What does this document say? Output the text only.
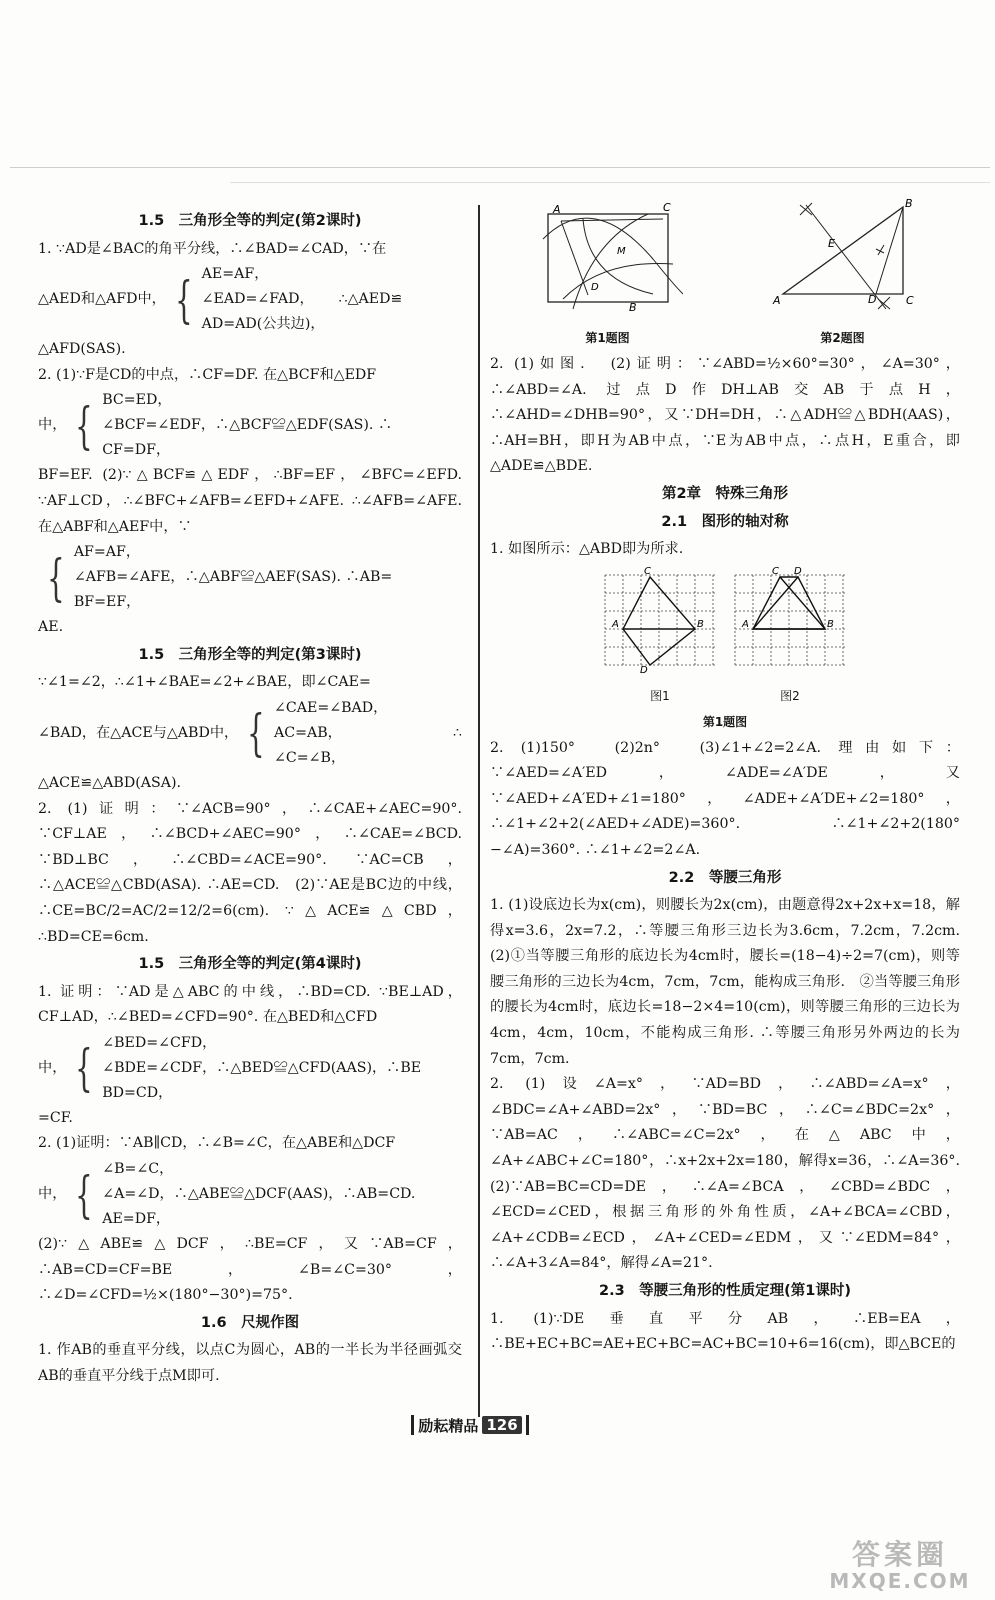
1.5　三角形全等的判定(第2课时)

1. ∵AD是∠BAC的角平分线，∴∠BAD=∠CAD，∵在

△AED和△AFD中， { AE=AF，
∠EAD=∠FAD，
AD=AD(公共边)，
∴△AED≌

△AFD(SAS).

2. (1)∵F是CD的中点，∴CF=DF. 在△BCF和△EDF

中， { BC=ED，
∠BCF=∠EDF，∴△BCF≌△EDF(SAS). ∴
CF=DF，

BF=EF. (2)∵△BCF≌△EDF，∴BF=EF，∠BFC=∠EFD. ∵AF⊥CD，∴∠BFC+∠AFB=∠EFD+∠AFE. ∴∠AFB=∠AFE. 在△ABF和△AEF中，∵

{ AF=AF，
∠AFB=∠AFE，∴△ABF≌△AEF(SAS). ∴AB=
BF=EF，

AE.

1.5　三角形全等的判定(第3课时)

∵∠1=∠2，∴∠1+∠BAE=∠2+∠BAE，即∠CAE=

∠BAD，在△ACE与△ABD中， { ∠CAE=∠BAD，
AC=AB，
∠C=∠B，
∴

△ACE≌△ABD(ASA).

2. (1)证明：∵∠ACB=90°，∴∠CAE+∠AEC=90°. ∵CF⊥AE，∴∠BCD+∠AEC=90°，∴∠CAE=∠BCD. ∵BD⊥BC，∴∠CBD=∠ACE=90°. ∵AC=CB，∴△ACE≌△CBD(ASA). ∴AE=CD.　(2)∵AE是BC边的中线，∴CE=BC/2=AC/2=12/2=6(cm). ∵△ACE≌△CBD，∴BD=CE=6cm.

1.5　三角形全等的判定(第4课时)

1. 证明：∵AD是△ABC的中线，∴BD=CD. ∵BE⊥AD，CF⊥AD，∴∠BED=∠CFD=90°. 在△BED和△CFD

中， { ∠BED=∠CFD，
∠BDE=∠CDF，∴△BED≌△CFD(AAS)，∴BE
BD=CD，

=CF.

2. (1)证明：∵AB∥CD，∴∠B=∠C，在△ABE和△DCF

中， { ∠B=∠C，
∠A=∠D，∴△ABE≌△DCF(AAS)，∴AB=CD.
AE=DF，

(2)∵△ABE≌△DCF，∴BE=CF，又∵AB=CF，∴AB=CD=CF=BE，∠B=∠C=30°，∴∠D=∠CFD=½×(180°−30°)=75°.

1.6　尺规作图

1. 作AB的垂直平分线，以点C为圆心，AB的一半长为半径画弧交AB的垂直平分线于点M即可.

A	C
M
D
B
第1题图
A
B
C
D
E
第2题图

2. (1)如图.　(2)证明：∵∠ABD=½×60°=30°，∠A=30°，∴∠ABD=∠A. 过点D作DH⊥AB交AB于点H，∴∠AHD=∠DHB=90°，又∵DH=DH，∴△ADH≌△BDH(AAS)，∴AH=BH，即H为AB中点，∵E为AB中点，∴点H，E重合，即△ADE≌△BDE.

第2章　特殊三角形
2.1　图形的轴对称

1. 如图所示：△ABD即为所求.

C
A	B
D
图1
C D
A	B
图2
第1题图

2. (1)150°　(2)2n°　(3)∠1+∠2=2∠A. 理由如下：∵∠AED=∠A′ED，∠ADE=∠A′DE，又∵∠AED+∠A′ED+∠1=180°，∠ADE+∠A′DE+∠2=180°，∴∠1+∠2+2(∠AED+∠ADE)=360°. ∴∠1+∠2+2(180°−∠A)=360°. ∴∠1+∠2=2∠A.

2.2　等腰三角形

1. (1)设底边长为x(cm)，则腰长为2x(cm)，由题意得2x+2x+x=18，解得x=3.6，2x=7.2，∴等腰三角形三边长为3.6cm，7.2cm，7.2cm.　(2)①当等腰三角形的底边长为4cm时，腰长=(18−4)÷2=7(cm)，则等腰三角形的三边长为4cm，7cm，7cm，能构成三角形.　②当等腰三角形的腰长为4cm时，底边长=18−2×4=10(cm)，则等腰三角形的三边长为4cm，4cm，10cm，不能构成三角形. ∴等腰三角形另外两边的长为7cm，7cm.

2. (1)设∠A=x°，∵AD=BD，∴∠ABD=∠A=x°，∠BDC=∠A+∠ABD=2x°，∵BD=BC，∴∠C=∠BDC=2x°，∵AB=AC，∴∠ABC=∠C=2x°，在△ABC中，∠A+∠ABC+∠C=180°，∴x+2x+2x=180，解得x=36，∴∠A=36°.　(2)∵AB=BC=CD=DE，∴∠A=∠BCA，∠CBD=∠BDC，∠ECD=∠CED，根据三角形的外角性质，∠A+∠BCA=∠CBD，∠A+∠CDB=∠ECD，∠A+∠CED=∠EDM，又∵∠EDM=84°，∴∠A+3∠A=84°，解得∠A=21°.

2.3　等腰三角形的性质定理(第1课时)

1. (1)∵DE垂直平分AB，∴EB=EA，∴BE+EC+BC=AE+EC+BC=AC+BC=10+6=16(cm)，即△BCE的

励耘精品 126
答案圈
MXQE.COM
